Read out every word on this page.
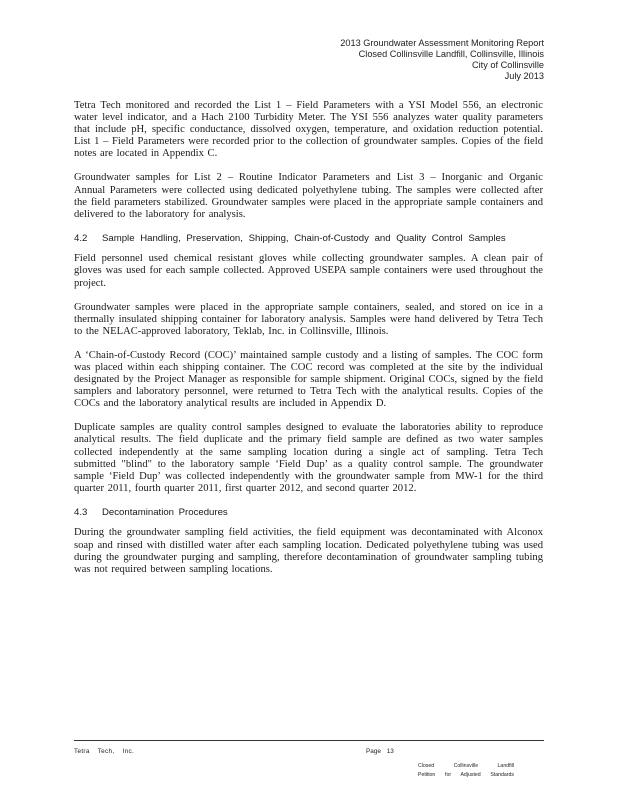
2013 Groundwater Assessment Monitoring Report
Closed Collinsville Landfill, Collinsville, Illinois
City of Collinsville
July 2013

Tetra Tech monitored and recorded the List 1 – Field Parameters with a YSI Model 556, an electronic water level indicator, and a Hach 2100 Turbidity Meter. The YSI 556 analyzes water quality parameters that include pH, specific conductance, dissolved oxygen, temperature, and oxidation reduction potential. List 1 – Field Parameters were recorded prior to the collection of groundwater samples. Copies of the field notes are located in Appendix C.

Groundwater samples for List 2 – Routine Indicator Parameters and List 3 – Inorganic and Organic Annual Parameters were collected using dedicated polyethylene tubing. The samples were collected after the field parameters stabilized. Groundwater samples were placed in the appropriate sample containers and delivered to the laboratory for analysis.

4.2	Sample Handling, Preservation, Shipping, Chain-of-Custody and Quality Control Samples

Field personnel used chemical resistant gloves while collecting groundwater samples. A clean pair of gloves was used for each sample collected. Approved USEPA sample containers were used throughout the project.

Groundwater samples were placed in the appropriate sample containers, sealed, and stored on ice in a thermally insulated shipping container for laboratory analysis. Samples were hand delivered by Tetra Tech to the NELAC-approved laboratory, Teklab, Inc. in Collinsville, Illinois.

A ‘Chain-of-Custody Record (COC)’ maintained sample custody and a listing of samples. The COC form was placed within each shipping container. The COC record was completed at the site by the individual designated by the Project Manager as responsible for sample shipment. Original COCs, signed by the field samplers and laboratory personnel, were returned to Tetra Tech with the analytical results. Copies of the COCs and the laboratory analytical results are included in Appendix D.

Duplicate samples are quality control samples designed to evaluate the laboratories ability to reproduce analytical results. The field duplicate and the primary field sample are defined as two water samples collected independently at the same sampling location during a single act of sampling. Tetra Tech submitted "blind" to the laboratory sample ‘Field Dup’ as a quality control sample. The groundwater sample ‘Field Dup’ was collected independently with the groundwater sample from MW-1 for the third quarter 2011, fourth quarter 2011, first quarter 2012, and second quarter 2012.

4.3	Decontamination Procedures

During the groundwater sampling field activities, the field equipment was decontaminated with Alconox soap and rinsed with distilled water after each sampling location. Dedicated polyethylene tubing was used during the groundwater purging and sampling, therefore decontamination of groundwater sampling tubing was not required between sampling locations.

Tetra Tech, Inc.	Page 13
Closed Collinsville Landfill
Petition for Adjusted Standards
